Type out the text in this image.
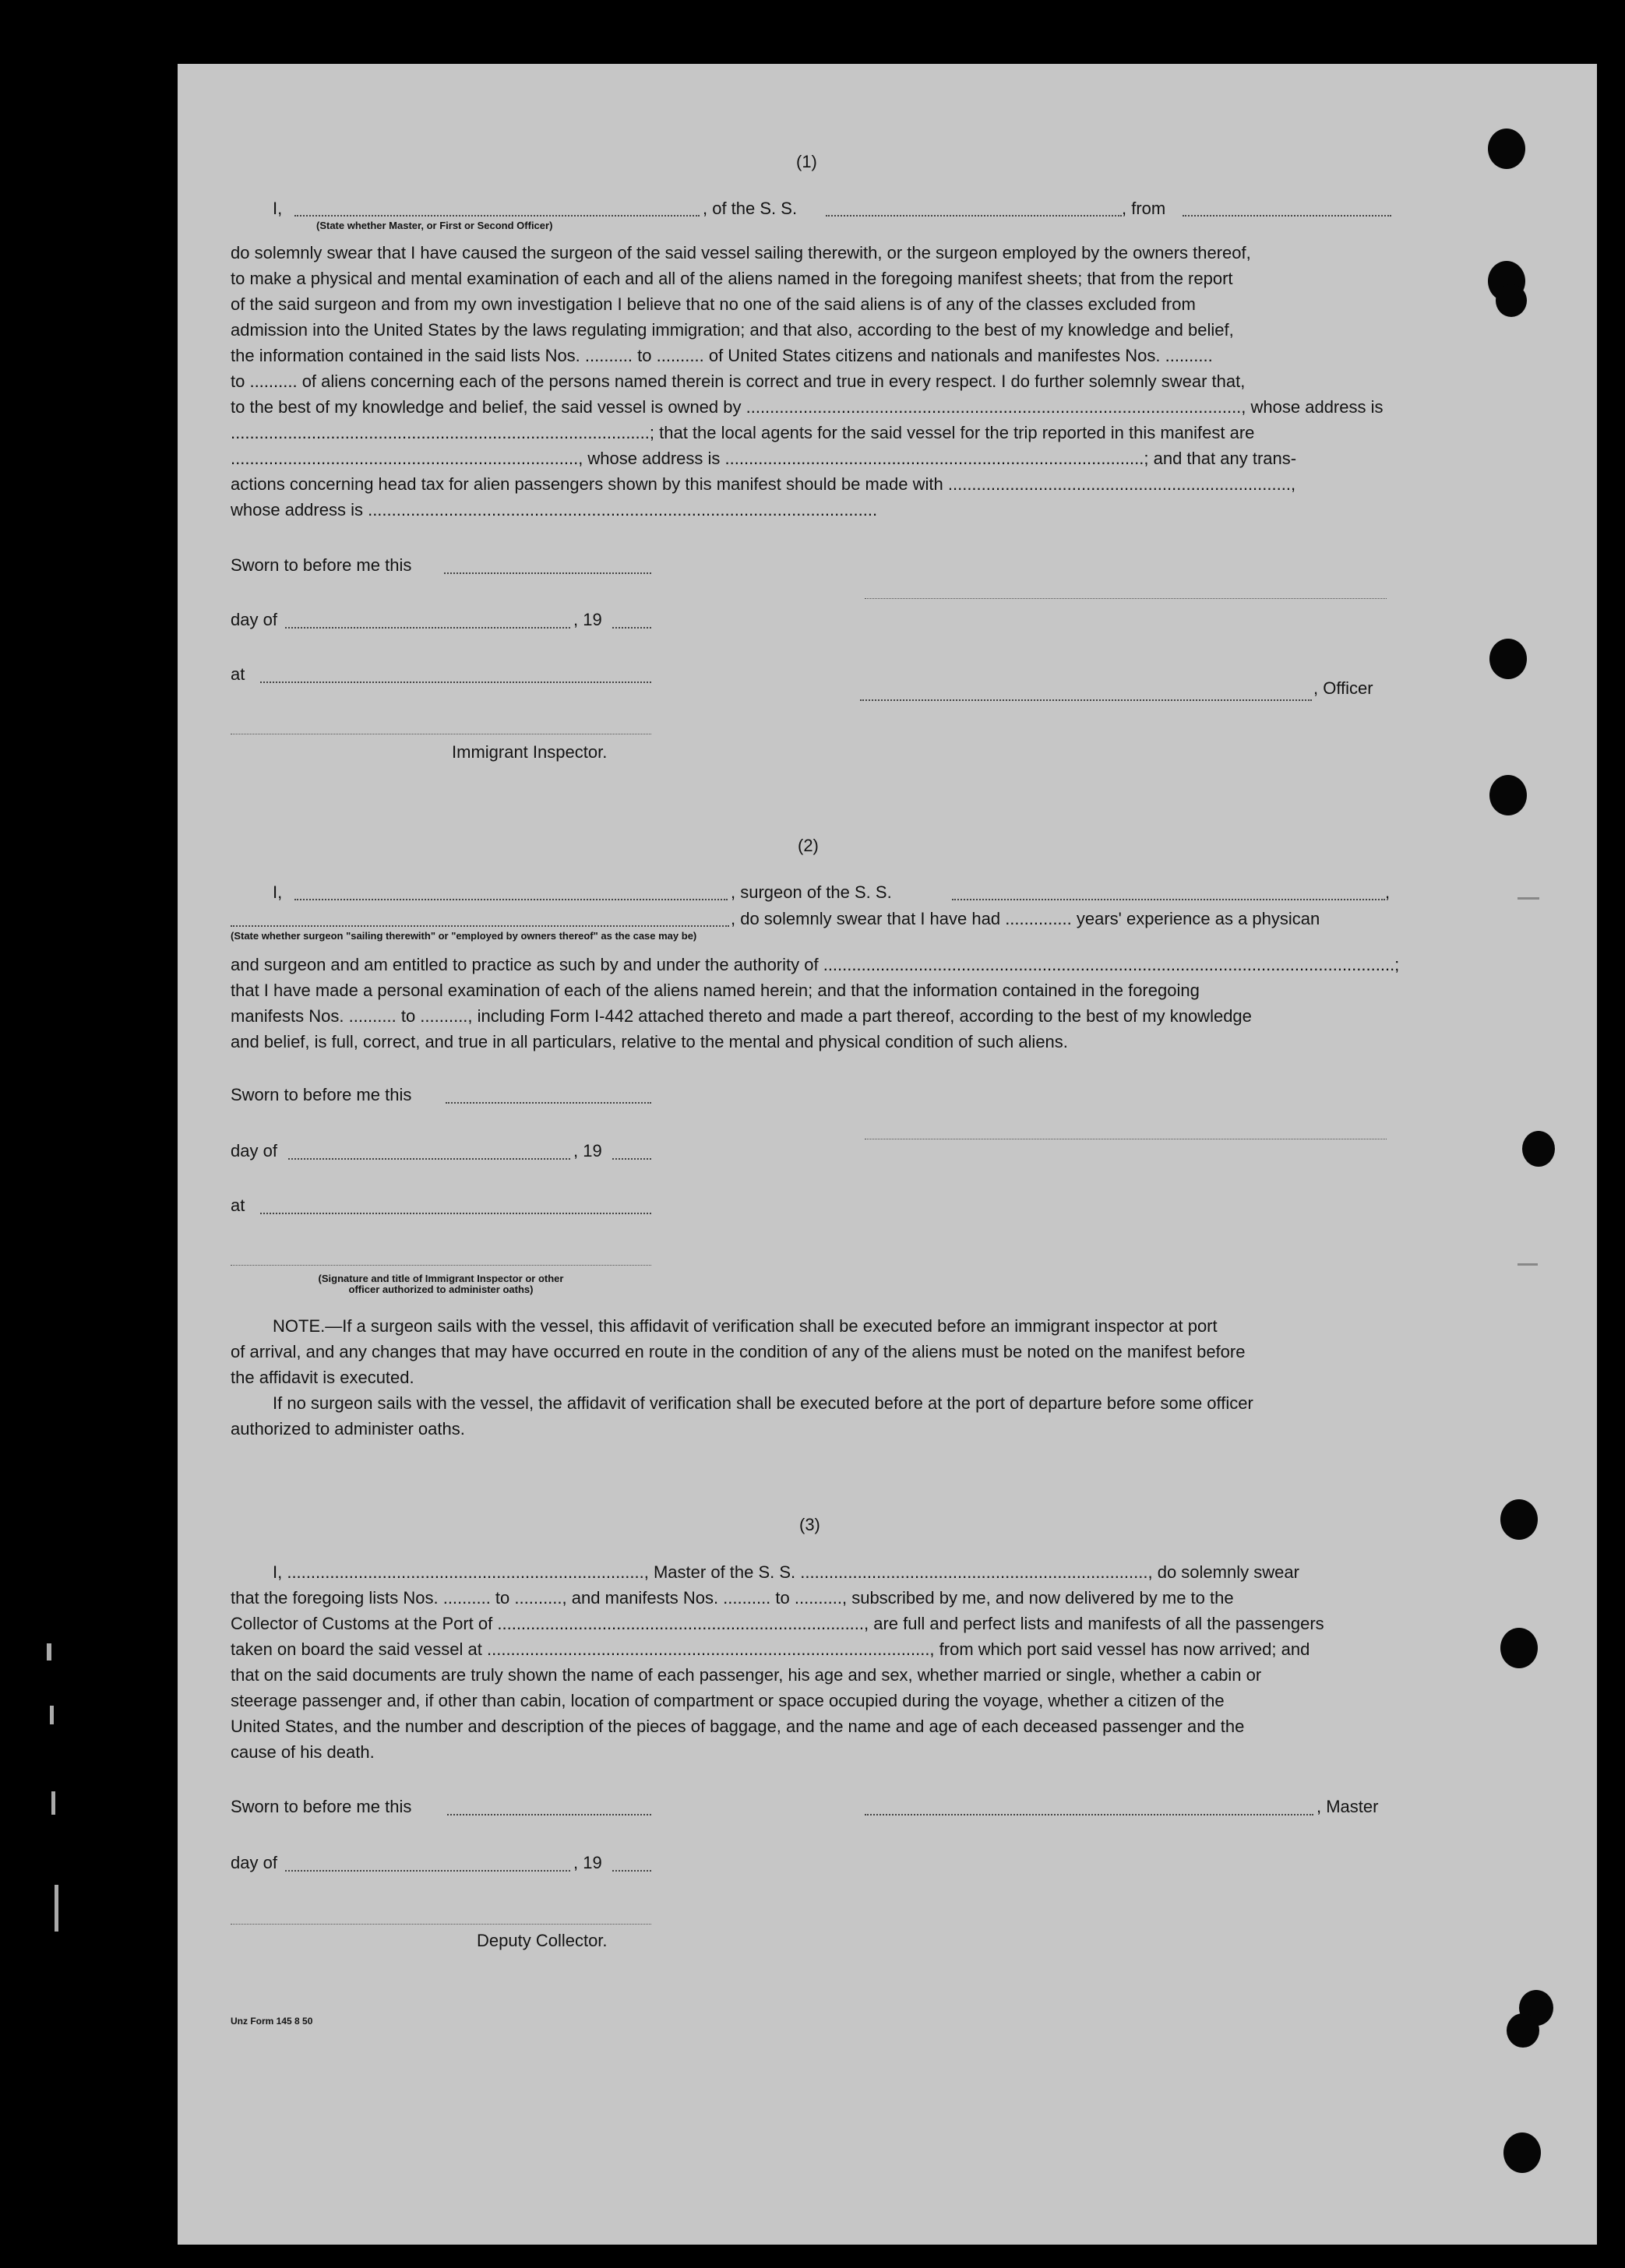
(1)
I,	, of the S. S.	, from
(State whether Master, or First or Second Officer)
do solemnly swear that I have caused the surgeon of the said vessel sailing therewith, or the surgeon employed by the owners thereof,
to make a physical and mental examination of each and all of the aliens named in the foregoing manifest sheets; that from the report
of the said surgeon and from my own investigation I believe that no one of the said aliens is of any of the classes excluded from
admission into the United States by the laws regulating immigration; and that also, according to the best of my knowledge and belief,
the information contained in the said lists Nos. .......... to .......... of United States citizens and nationals and manifestes Nos. ..........
to .......... of aliens concerning each of the persons named therein is correct and true in every respect. I do further solemnly swear that,
to the best of my knowledge and belief, the said vessel is owned by ........................................................................................................, whose address is
........................................................................................; that the local agents for the said vessel for the trip reported in this manifest are
........................................................................., whose address is ........................................................................................; and that any trans-
actions concerning head tax for alien passengers shown by this manifest should be made with ........................................................................,
whose address is ...........................................................................................................
Sworn to before me this
day of	, 19
at
, Officer
Immigrant Inspector.
(2)
I,	, surgeon of the S. S.	,
, do solemnly swear that I have had .............. years' experience as a physican
(State whether surgeon "sailing therewith" or "employed by owners thereof" as the case may be)
and surgeon and am entitled to practice as such by and under the authority of ........................................................................................................................;
that I have made a personal examination of each of the aliens named herein; and that the information contained in the foregoing
manifests Nos. .......... to .........., including Form I-442 attached thereto and made a part thereof, according to the best of my knowledge
and belief, is full, correct, and true in all particulars, relative to the mental and physical condition of such aliens.
Sworn to before me this
day of	, 19
at
(Signature and title of Immigrant Inspector or other
officer authorized to administer oaths)
NOTE.—If a surgeon sails with the vessel, this affidavit of verification shall be executed before an immigrant inspector at port
of arrival, and any changes that may have occurred en route in the condition of any of the aliens must be noted on the manifest before
the affidavit is executed.
If no surgeon sails with the vessel, the affidavit of verification shall be executed before at the port of departure before some officer
authorized to administer oaths.
(3)
I, ..........................................................................., Master of the S. S. ........................................................................., do solemnly swear
that the foregoing lists Nos. .......... to .........., and manifests Nos. .......... to .........., subscribed by me, and now delivered by me to the
Collector of Customs at the Port of ............................................................................., are full and perfect lists and manifests of all the passengers
taken on board the said vessel at ............................................................................................., from which port said vessel has now arrived; and
that on the said documents are truly shown the name of each passenger, his age and sex, whether married or single, whether a cabin or
steerage passenger and, if other than cabin, location of compartment or space occupied during the voyage, whether a citizen of the
United States, and the number and description of the pieces of baggage, and the name and age of each deceased passenger and the
cause of his death.
Sworn to before me this	, Master
day of	, 19
Deputy Collector.
Unz Form 145 8 50
